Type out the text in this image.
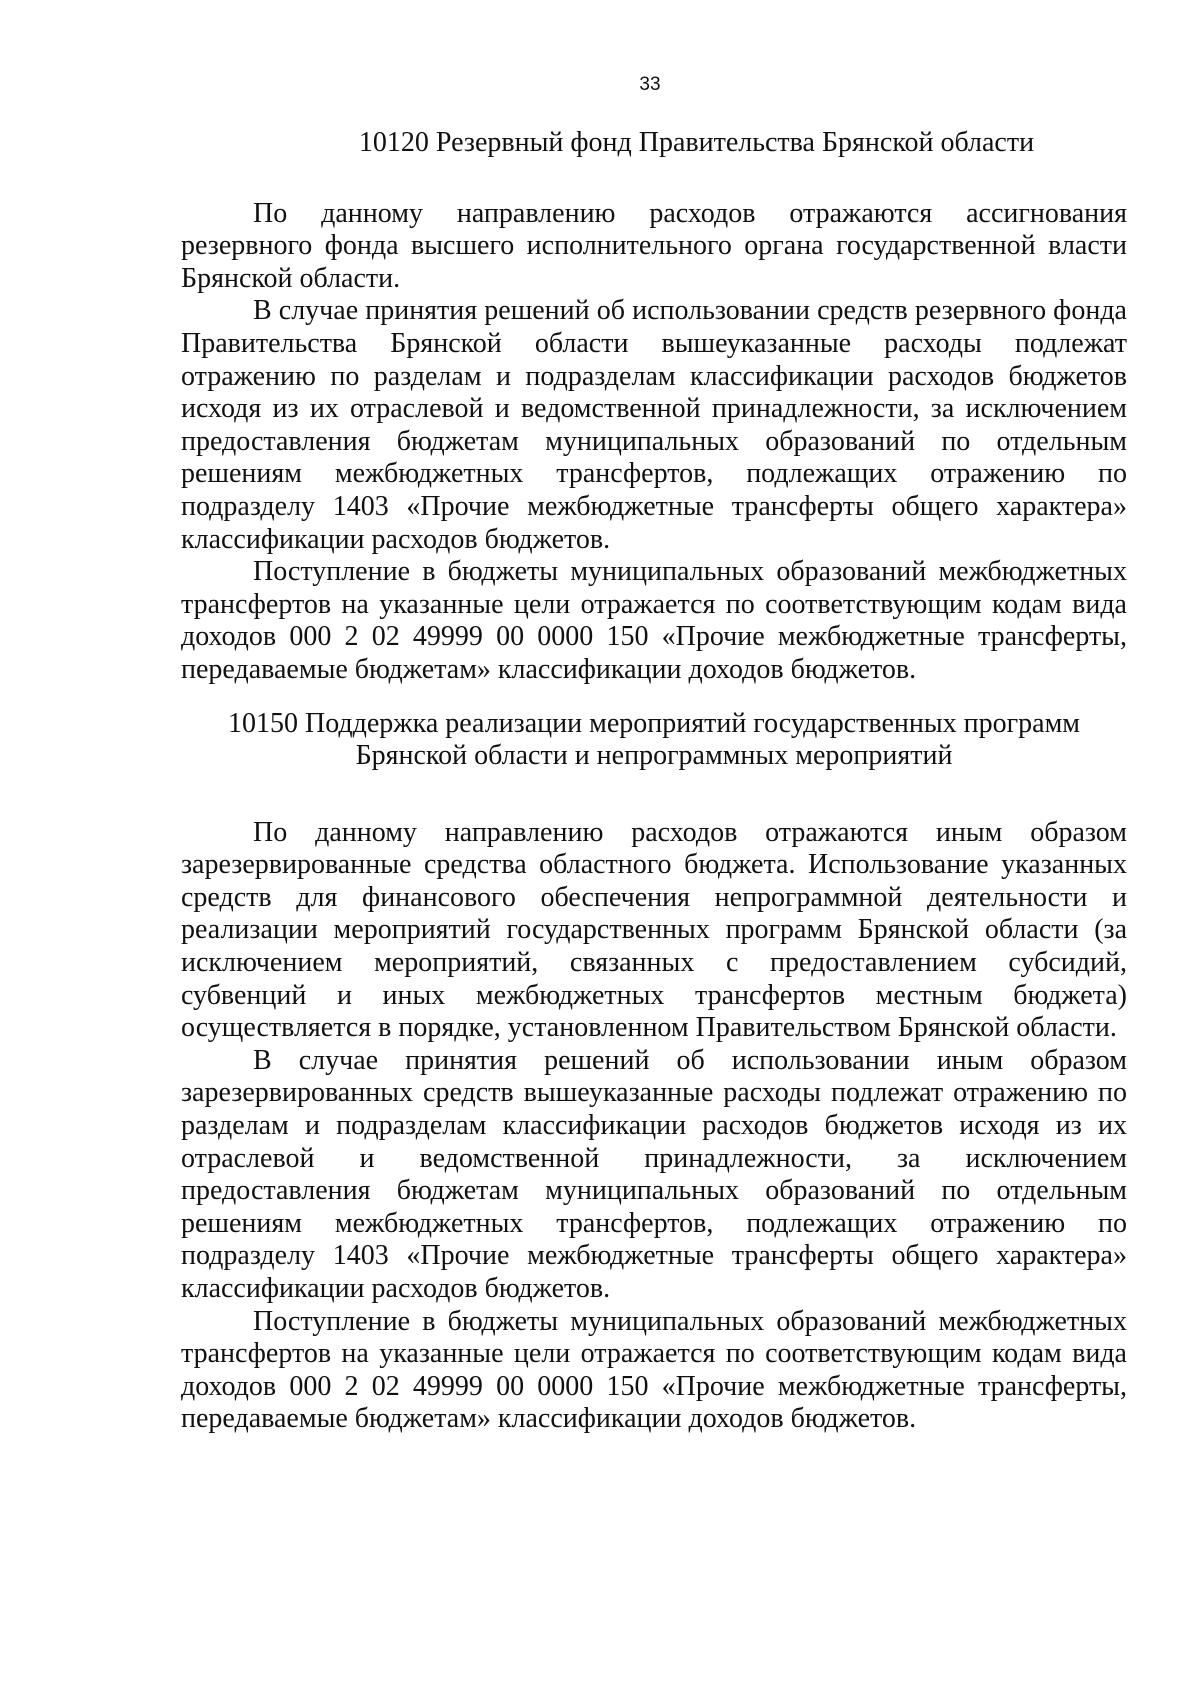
33
10120 Резервный фонд Правительства Брянской области

По данному направлению расходов отражаются ассигнования резервного фонда высшего исполнительного органа государственной власти Брянской области.

В случае принятия решений об использовании средств резервного фонда Правительства Брянской области вышеуказанные расходы подлежат отражению по разделам и подразделам классификации расходов бюджетов исходя из их отраслевой и ведомственной принадлежности, за исключением предоставления бюджетам муниципальных образований по отдельным решениям межбюджетных трансфертов, подлежащих отражению по подразделу 1403 «Прочие межбюджетные трансферты общего характера» классификации расходов бюджетов.

Поступление в бюджеты муниципальных образований межбюджетных трансфертов на указанные цели отражается по соответствующим кодам вида доходов 000 2 02 49999 00 0000 150 «Прочие межбюджетные трансферты, передаваемые бюджетам» классификации доходов бюджетов.

10150 Поддержка реализации мероприятий государственных программ
Брянской области и непрограммных мероприятий

По данному направлению расходов отражаются иным образом зарезервированные средства областного бюджета. Использование указанных средств для финансового обеспечения непрограммной деятельности и реализации мероприятий государственных программ Брянской области (за исключением мероприятий, связанных с предоставлением субсидий, субвенций и иных межбюджетных трансфертов местным бюджета) осуществляется в порядке, установленном Правительством Брянской области.

В случае принятия решений об использовании иным образом зарезервированных средств вышеуказанные расходы подлежат отражению по разделам и подразделам классификации расходов бюджетов исходя из их отраслевой и ведомственной принадлежности, за исключением предоставления бюджетам муниципальных образований по отдельным решениям межбюджетных трансфертов, подлежащих отражению по подразделу 1403 «Прочие межбюджетные трансферты общего характера» классификации расходов бюджетов.

Поступление в бюджеты муниципальных образований межбюджетных трансфертов на указанные цели отражается по соответствующим кодам вида доходов 000 2 02 49999 00 0000 150 «Прочие межбюджетные трансферты, передаваемые бюджетам» классификации доходов бюджетов.
